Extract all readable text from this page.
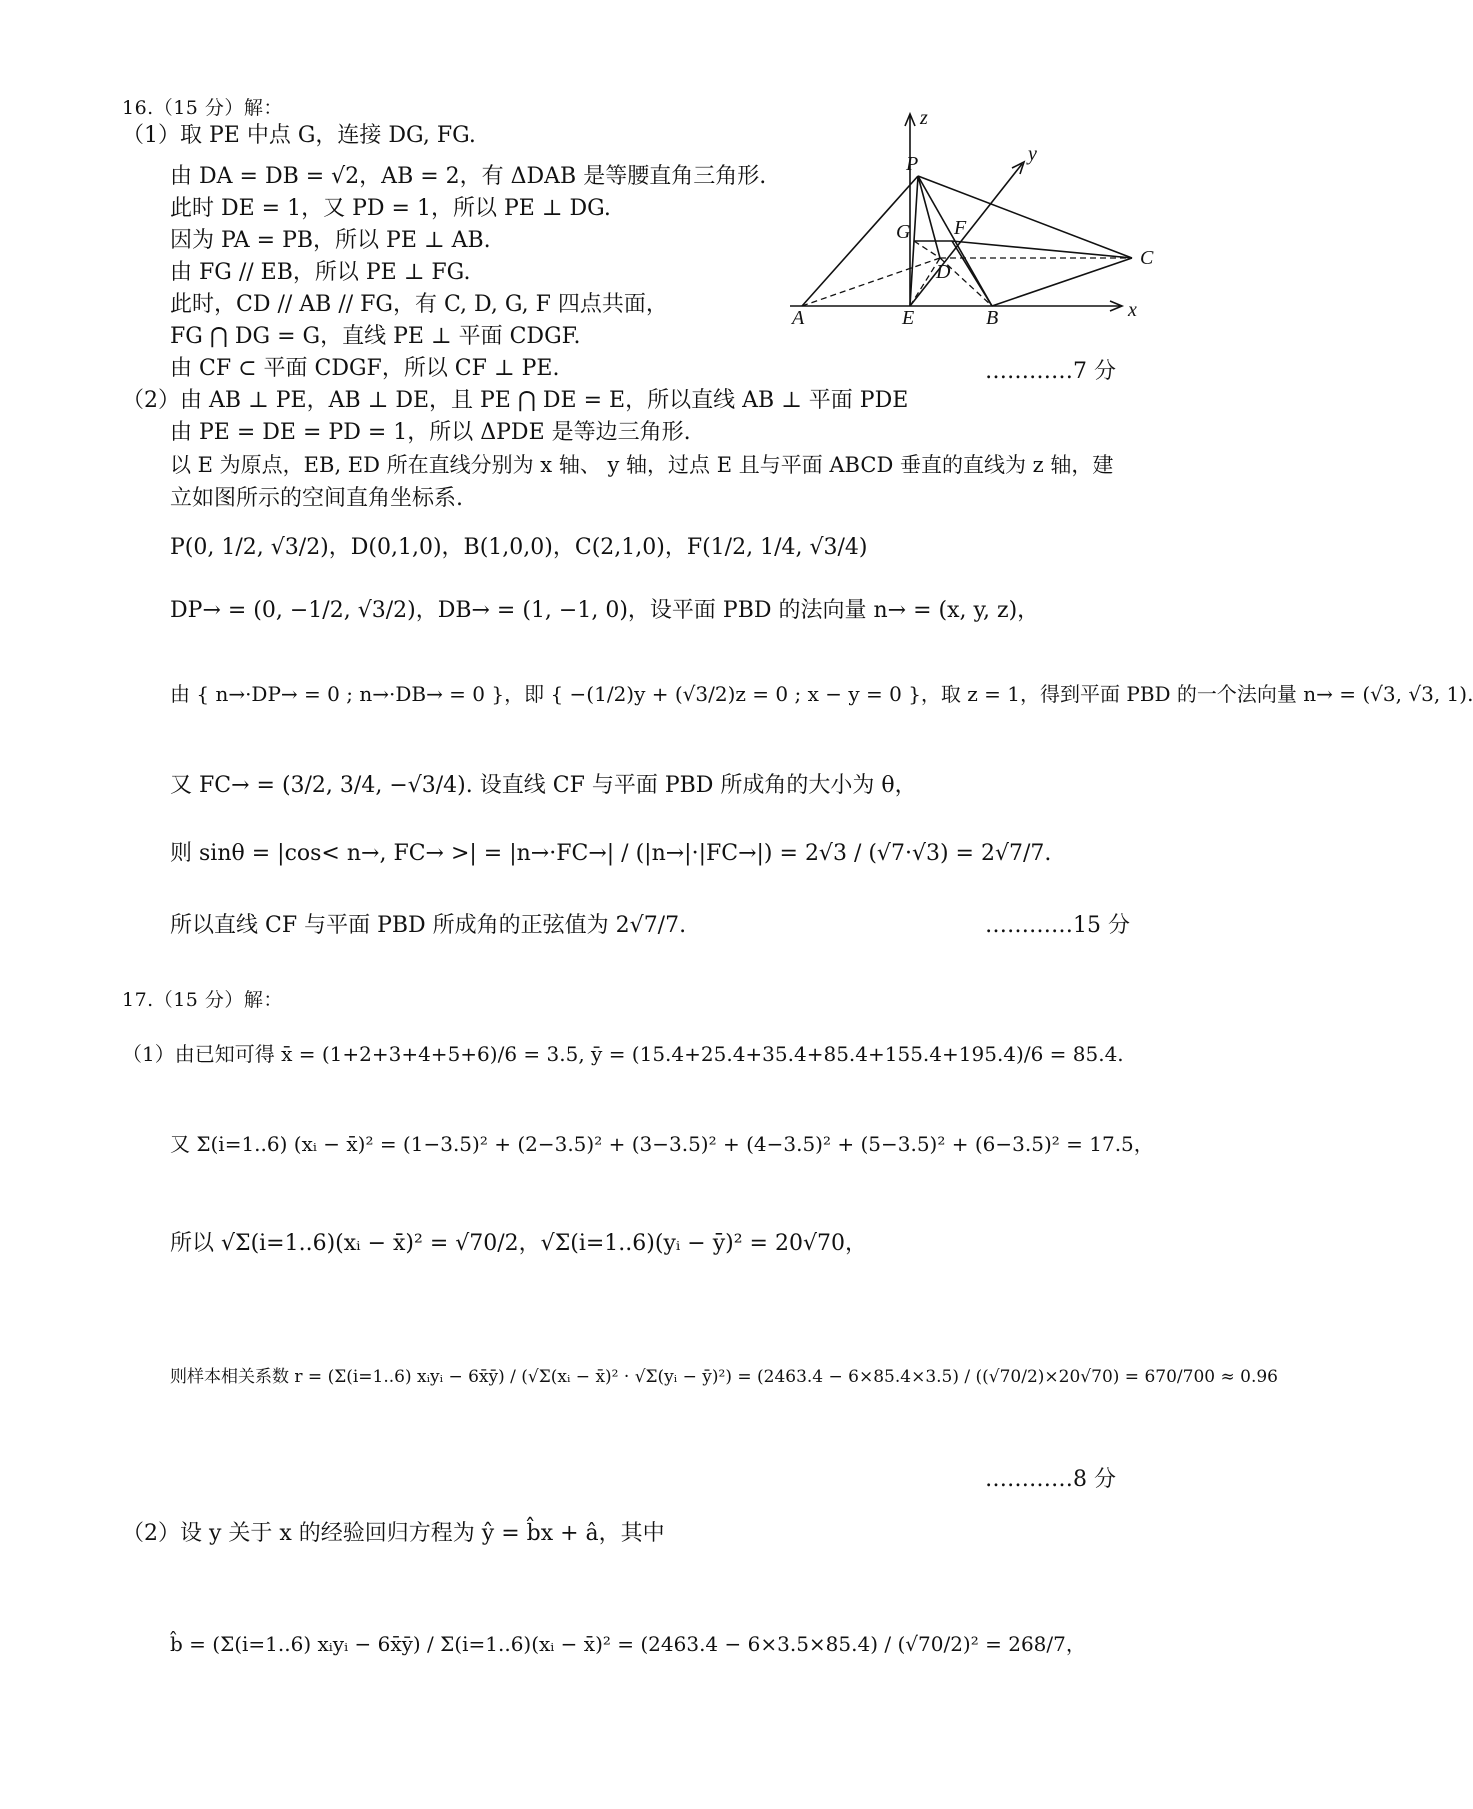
16.（15 分）解：
（1）取 PE 中点 G，连接 DG, FG.
由 DA = DB = √2，AB = 2，有 ΔDAB 是等腰直角三角形.
此时 DE = 1，又 PD = 1，所以 PE ⊥ DG.
因为 PA = PB，所以 PE ⊥ AB.
由 FG // EB，所以 PE ⊥ FG.
此时，CD // AB // FG，有 C, D, G, F 四点共面，
FG ⋂ DG = G，直线 PE ⊥ 平面 CDGF.
由 CF ⊂ 平面 CDGF，所以 CF ⊥ PE.	…………7 分
z
y
x
P
G F
C
D
A	E	B
（2）由 AB ⊥ PE，AB ⊥ DE，且 PE ⋂ DE = E，所以直线 AB ⊥ 平面 PDE
由 PE = DE = PD = 1，所以 ΔPDE 是等边三角形.
以 E 为原点，EB, ED 所在直线分别为 x 轴、 y 轴，过点 E 且与平面 ABCD 垂直的直线为 z 轴，建
立如图所示的空间直角坐标系.
P(0, 1/2, √3/2)，D(0,1,0)，B(1,0,0)，C(2,1,0)，F(1/2, 1/4, √3/4)
DP→ = (0, −1/2, √3/2)，DB→ = (1, −1, 0)，设平面 PBD 的法向量 n→ = (x, y, z)，
由 { n→·DP→ = 0 ; n→·DB→ = 0 }，即 { −(1/2)y + (√3/2)z = 0 ; x − y = 0 }，取 z = 1，得到平面 PBD 的一个法向量 n→ = (√3, √3, 1).
又 FC→ = (3/2, 3/4, −√3/4). 设直线 CF 与平面 PBD 所成角的大小为 θ，
则 sinθ = |cos< n→, FC→ >| = |n→·FC→| / (|n→|·|FC→|) = 2√3 / (√7·√3) = 2√7/7.
所以直线 CF 与平面 PBD 所成角的正弦值为 2√7/7.	…………15 分
17.（15 分）解：
（1）由已知可得 x̄ = (1+2+3+4+5+6)/6 = 3.5, ȳ = (15.4+25.4+35.4+85.4+155.4+195.4)/6 = 85.4.
又 Σ(i=1..6) (xᵢ − x̄)² = (1−3.5)² + (2−3.5)² + (3−3.5)² + (4−3.5)² + (5−3.5)² + (6−3.5)² = 17.5，
所以 √Σ(i=1..6)(xᵢ − x̄)² = √70/2，√Σ(i=1..6)(yᵢ − ȳ)² = 20√70，
则样本相关系数 r = (Σ(i=1..6) xᵢyᵢ − 6x̄ȳ) / (√Σ(xᵢ − x̄)² · √Σ(yᵢ − ȳ)²) = (2463.4 − 6×85.4×3.5) / ((√70/2)×20√70) = 670/700 ≈ 0.96
…………8 分
（2）设 y 关于 x 的经验回归方程为 ŷ = b̂x + â，其中
b̂ = (Σ(i=1..6) xᵢyᵢ − 6x̄ȳ) / Σ(i=1..6)(xᵢ − x̄)² = (2463.4 − 6×3.5×85.4) / (√70/2)² = 268/7，
